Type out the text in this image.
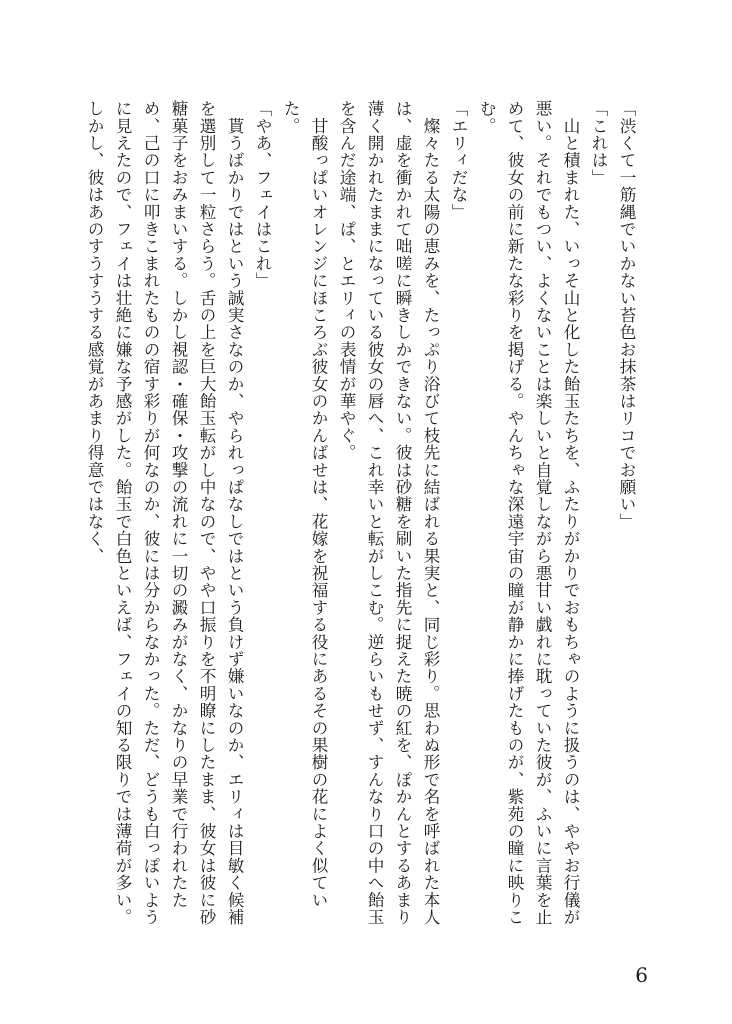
「渋くて一筋縄でいかない苔色お抹茶はリコでお願い」

「これは」

　山と積まれた、いっそ山と化した飴玉たちを、ふたりがかりでおもちゃのように扱うのは、ややお行儀が悪い。それでもつい、よくないことは楽しいと自覚しながら悪甘い戯れに耽っていた彼が、ふいに言葉を止めて、彼女の前に新たな彩りを掲げる。やんちゃな深遠宇宙の瞳が静かに捧げたものが、紫苑の瞳に映りこむ。

「エリィだな」

　燦々たる太陽の恵みを、たっぷり浴びて枝先に結ばれる果実と、同じ彩り。思わぬ形で名を呼ばれた本人は、虚を衝かれて咄嗟に瞬きしかできない。彼は砂糖を刷いた指先に捉えた暁の紅を、ぽかんとするあまり薄く開かれたままになっている彼女の唇へ、これ幸いと転がしこむ。逆らいもせず、すんなり口の中へ飴玉を含んだ途端、ぱ、とエリィの表情が華やぐ。

　甘酸っぱいオレンジにほころぶ彼女のかんばせは、花嫁を祝福する役にあるその果樹の花によく似ていた。

「やあ、フェイはこれ」

　貰うばかりではという誠実さなのか、やられっぱなしではという負けず嫌いなのか、エリィは目敏く候補を選別して一粒さらう。舌の上を巨大飴玉転がし中なので、やや口振りを不明瞭にしたまま、彼女は彼に砂糖菓子をおみまいする。しかし視認・確保・攻撃の流れに一切の澱みがなく、かなりの早業で行われたため、己の口に叩きこまれたものの宿す彩りが何なのか、彼には分からなかった。ただ、どうも白っぽいように見えたので、フェイは壮絶に嫌な予感がした。飴玉で白色といえば、フェイの知る限りでは薄荷が多い。しかし、彼はあのすうすうする感覚があまり得意ではなく、

6
